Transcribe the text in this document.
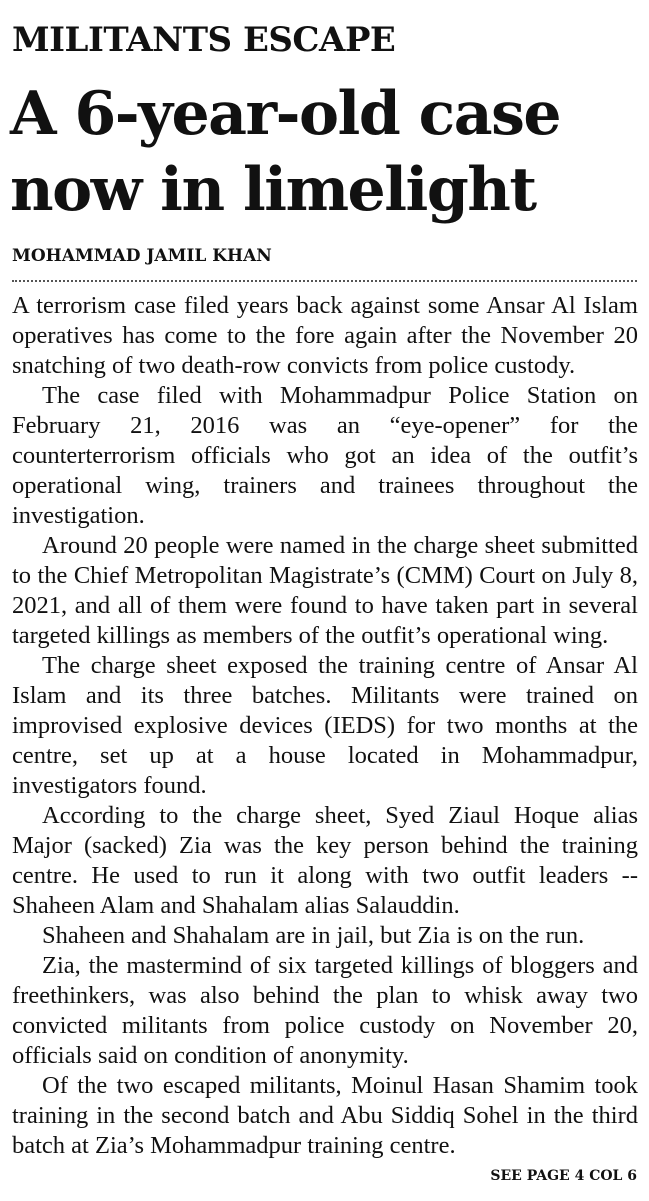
MILITANTS ESCAPE
A 6-year-old case
now in limelight
MOHAMMAD JAMIL KHAN

A terrorism case filed years back against some Ansar Al Islam operatives has come to the fore again after the November 20 snatching of two death-row convicts from police custody.

The case filed with Mohammadpur Police Station on February 21, 2016 was an “eye-opener” for the counterterrorism officials who got an idea of the outfit’s operational wing, trainers and trainees throughout the investigation.

Around 20 people were named in the charge sheet submitted to the Chief Metropolitan Magistrate’s (CMM) Court on July 8, 2021, and all of them were found to have taken part in several targeted killings as members of the outfit’s operational wing.

The charge sheet exposed the training centre of Ansar Al Islam and its three batches. Militants were trained on improvised explosive devices (IEDS) for two months at the centre, set up at a house located in Mohammadpur, investigators found.

According to the charge sheet, Syed Ziaul Hoque alias Major (sacked) Zia was the key person behind the training centre. He used to run it along with two outfit leaders -- Shaheen Alam and Shahalam alias Salauddin.

Shaheen and Shahalam are in jail, but Zia is on the run.

Zia, the mastermind of six targeted killings of bloggers and freethinkers, was also behind the plan to whisk away two convicted militants from police custody on November 20, officials said on condition of anonymity.

Of the two escaped militants, Moinul Hasan Shamim took training in the second batch and Abu Siddiq Sohel in the third batch at Zia’s Mohammadpur training centre.

SEE PAGE 4 COL 6
